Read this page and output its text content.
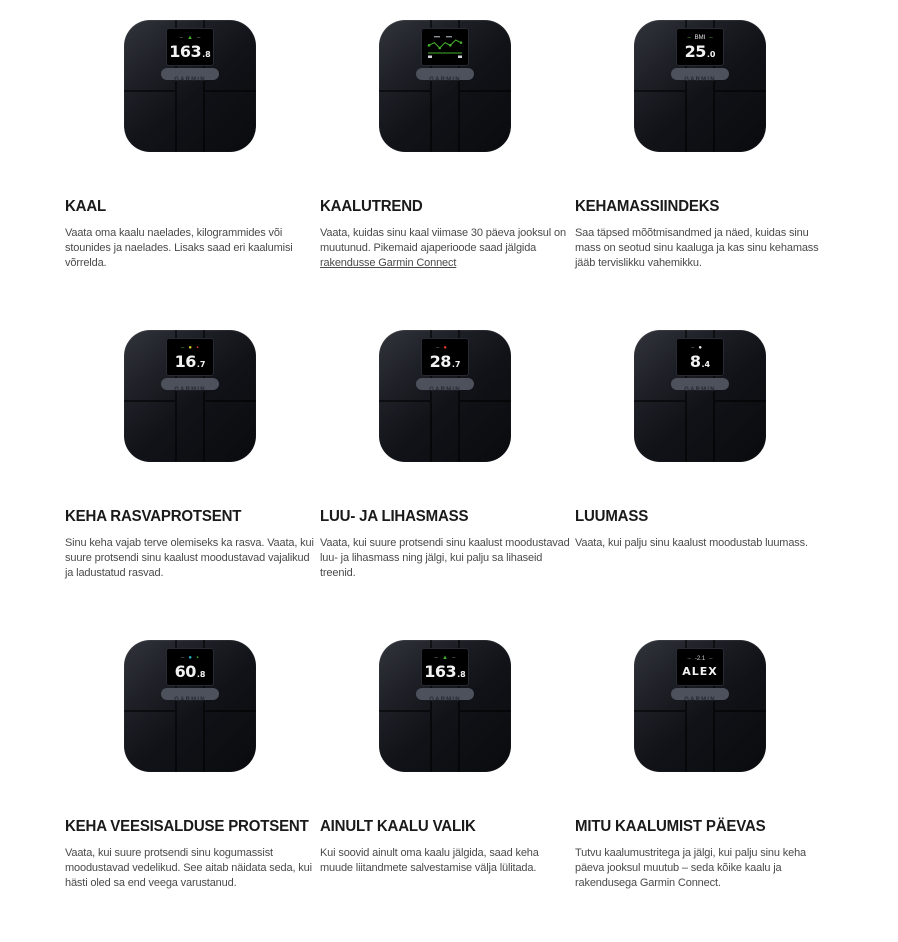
– ▲ –
163 .8
GARMIN
KAAL

Vaata oma kaalu naelades, kilogrammides või stounides ja naelades. Lisaks saad eri kaalumisi võrrelda.

GARMIN
KAALUTREND

Vaata, kuidas sinu kaal viimase 30 päeva jooksul on muutunud. Pikemaid ajaperioode saad jälgida rakendusse Garmin Connect

– BMI –
25 .0
GARMIN
KEHAMASSIINDEKS

Saa täpsed mõõtmisandmed ja näed, kuidas sinu mass on seotud sinu kaaluga ja kas sinu kehamass jääb tervislikku vahemikku.

– ● ▪
16 .7
GARMIN
KEHA RASVAPROTSENT

Sinu keha vajab terve olemiseks ka rasva. Vaata, kui suure protsendi sinu kaalust moodustavad vajalikud ja ladustatud rasvad.

– ●
28 .7
GARMIN
LUU- JA LIHASMASS

Vaata, kui suure protsendi sinu kaalust moodustavad luu- ja lihasmass ning jälgi, kui palju sa lihaseid treenid.

– ●
8 .4
GARMIN
LUUMASS

Vaata, kui palju sinu kaalust moodustab luumass.

– ● ▪
60 .8
GARMIN
KEHA VEESISALDUSE PROTSENT

Vaata, kui suure protsendi sinu kogumassist moodustavad vedelikud. See aitab näidata seda, kui hästi oled sa end veega varustanud.

– ▲ –
163 .8
GARMIN
AINULT KAALU VALIK

Kui soovid ainult oma kaalu jälgida, saad keha muude liitandmete salvestamise välja lülitada.

– -2.1 –
ALEX
GARMIN
MITU KAALUMIST PÄEVAS

Tutvu kaalumustritega ja jälgi, kui palju sinu keha päeva jooksul muutub – seda kõike kaalu ja rakendusega Garmin Connect.
